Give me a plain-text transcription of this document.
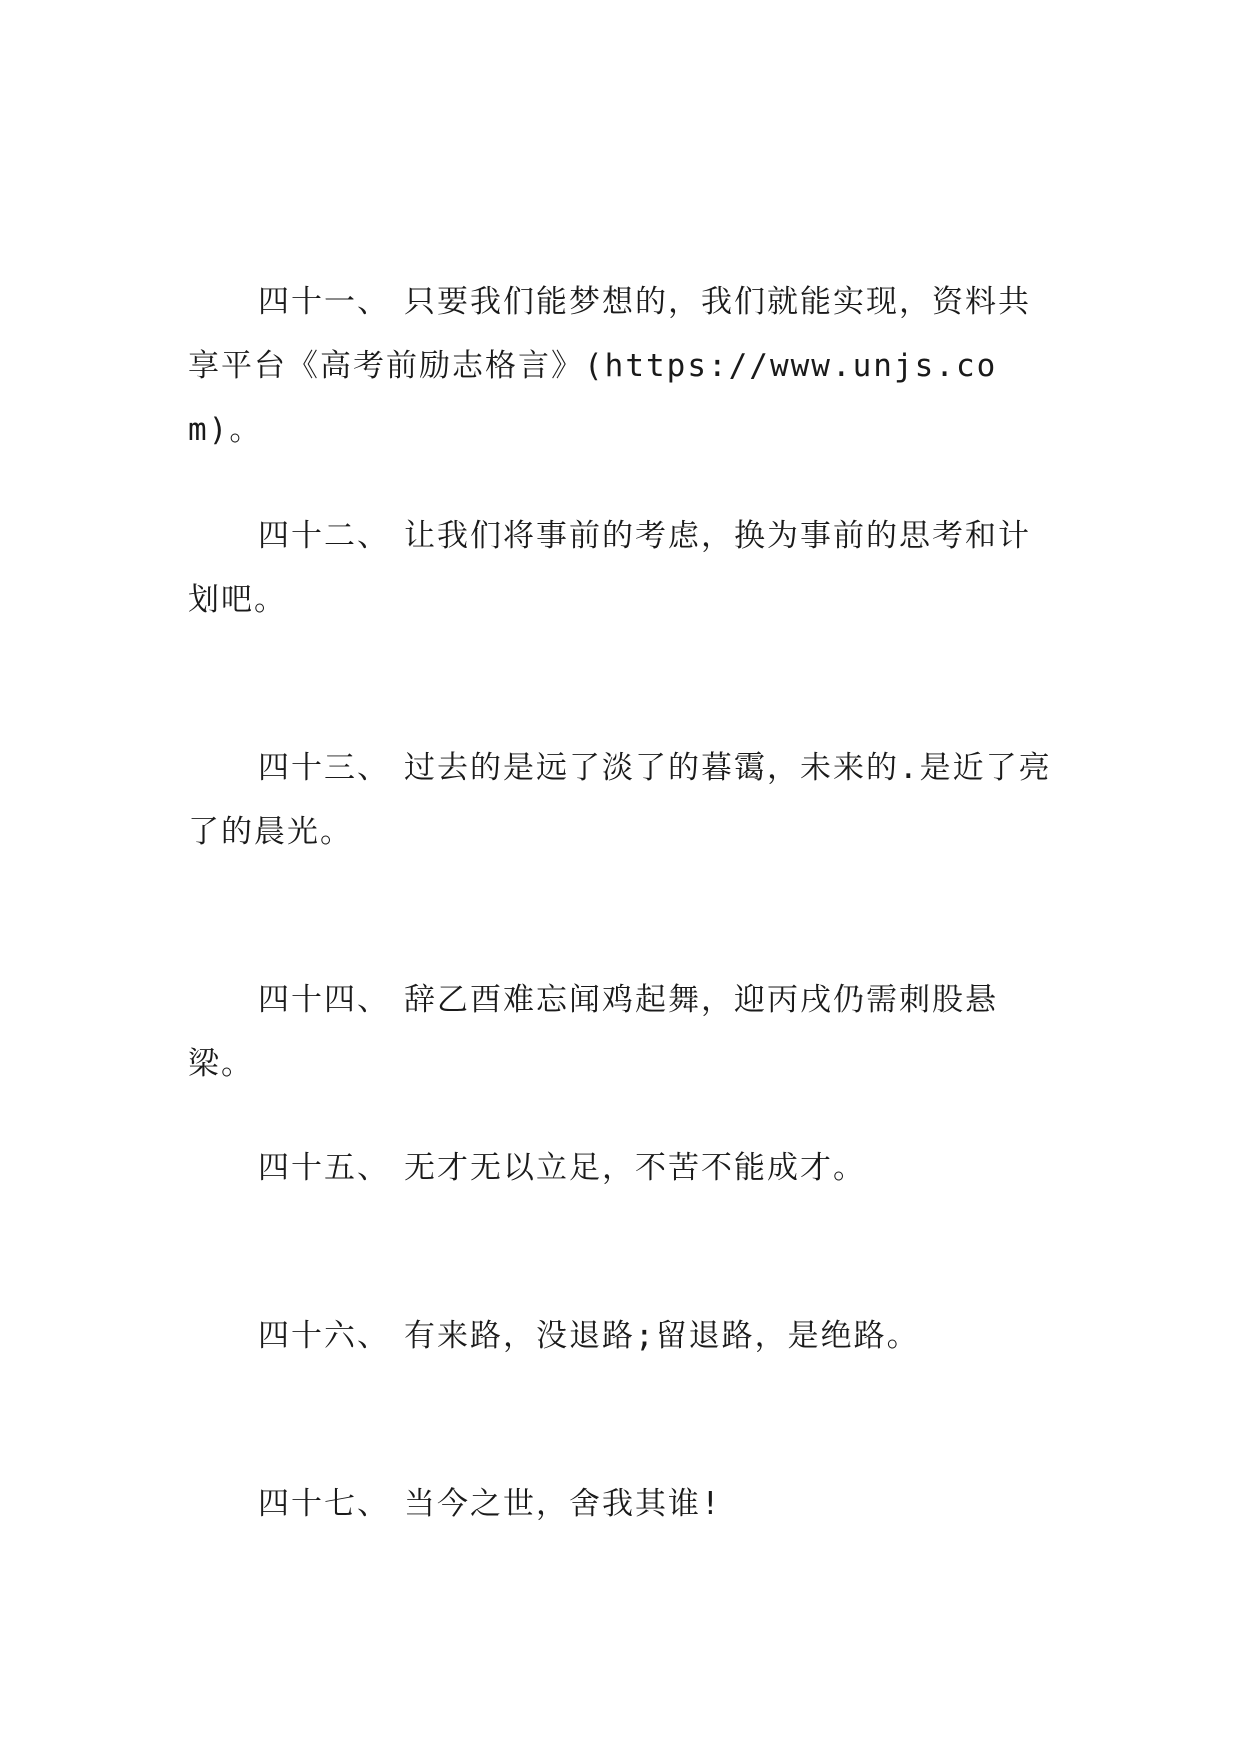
四十一、 只要我们能梦想的，我们就能实现，资料共享平台《高考前励志格言》(https://www.unjs.com)。

四十二、 让我们将事前的考虑，换为事前的思考和计划吧。

四十三、 过去的是远了淡了的暮霭，未来的.是近了亮了的晨光。

四十四、 辞乙酉难忘闻鸡起舞，迎丙戌仍需刺股悬梁。

四十五、 无才无以立足，不苦不能成才。

四十六、 有来路，没退路;留退路，是绝路。

四十七、 当今之世，舍我其谁!
